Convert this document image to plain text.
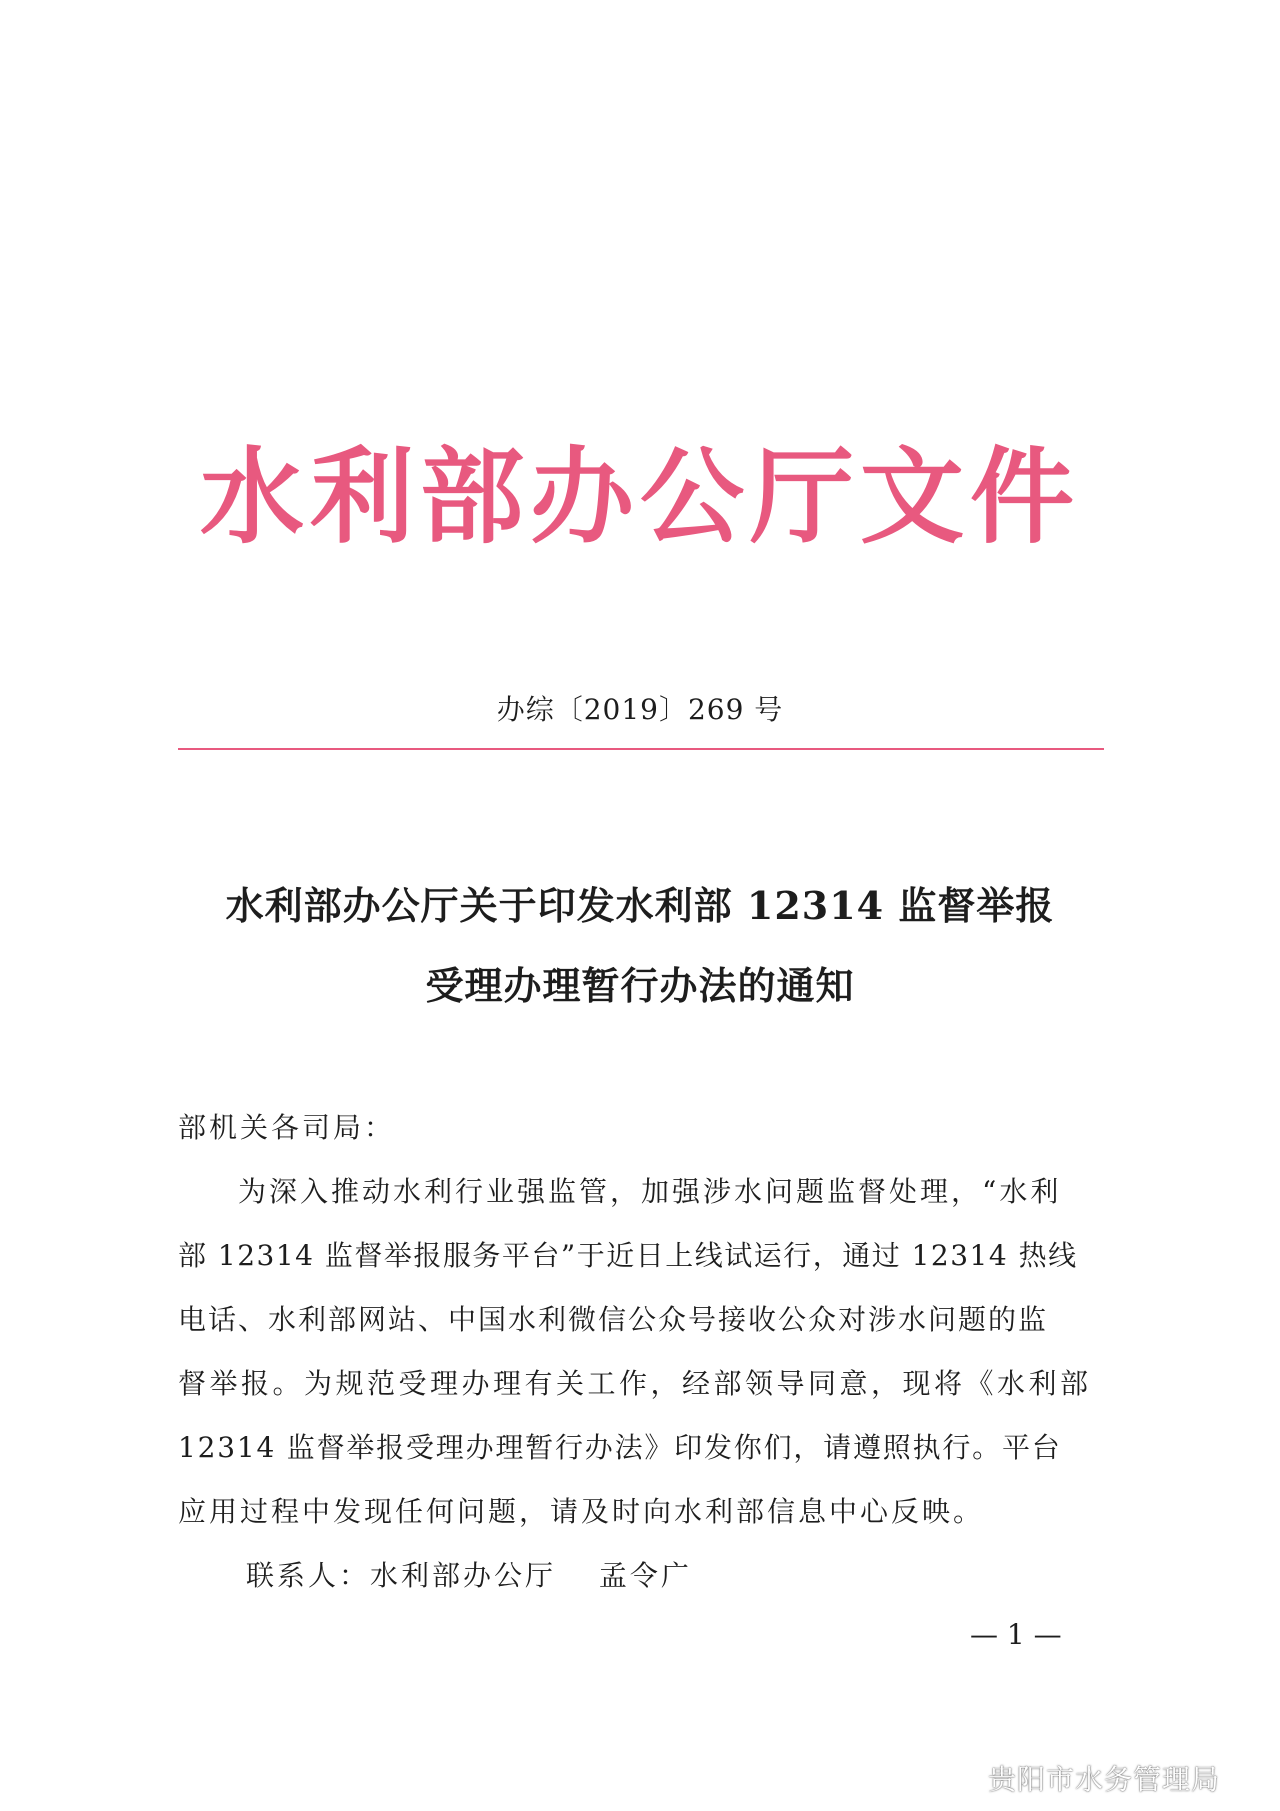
水利部办公厅文件
办综〔2019〕269 号
水利部办公厅关于印发水利部 12314 监督举报
受理办理暂行办法的通知
部机关各司局：
为深入推动水利行业强监管，加强涉水问题监督处理，“水利
部 12314 监督举报服务平台”于近日上线试运行，通过 12314 热线
电话、水利部网站、中国水利微信公众号接收公众对涉水问题的监
督举报。为规范受理办理有关工作，经部领导同意，现将《水利部
12314 监督举报受理办理暂行办法》印发你们，请遵照执行。平台
应用过程中发现任何问题，请及时向水利部信息中心反映。
联系人：水利部办公厅　 孟令广
— 1 —
贵阳市水务管理局
